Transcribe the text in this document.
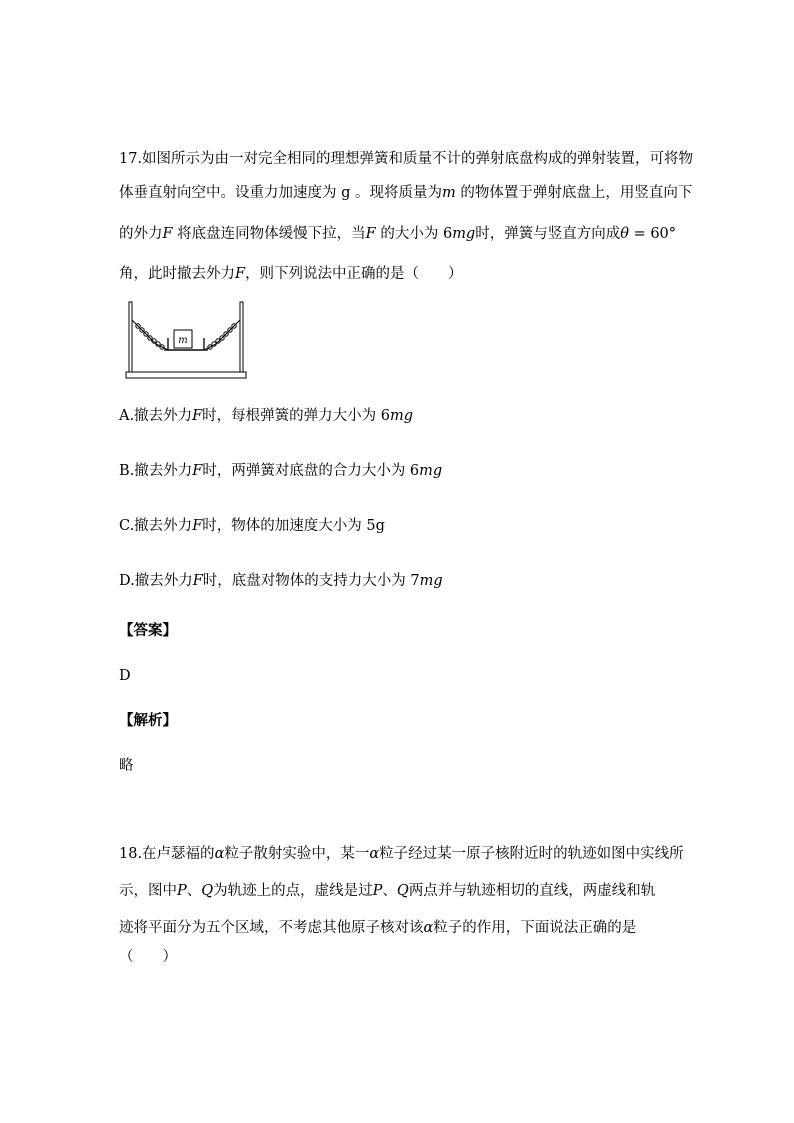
17.如图所示为由一对完全相同的理想弹簧和质量不计的弹射底盘构成的弹射装置，可将物
体垂直射向空中。设重力加速度为 g 。现将质量为m 的物体置于弹射底盘上，用竖直向下
的外力F 将底盘连同物体缓慢下拉，当F 的大小为 6mg时，弹簧与竖直方向成θ = 60°
角，此时撤去外力F，则下列说法中正确的是（　　）
m
A.撤去外力F时，每根弹簧的弹力大小为 6mg
B.撤去外力F时，两弹簧对底盘的合力大小为 6mg
C.撤去外力F时，物体的加速度大小为 5g
D.撤去外力F时，底盘对物体的支持力大小为 7mg
【答案】
D
【解析】
略
18.在卢瑟福的α粒子散射实验中，某一α粒子经过某一原子核附近时的轨迹如图中实线所
示，图中P、Q为轨迹上的点，虚线是过P、Q两点并与轨迹相切的直线，两虚线和轨
迹将平面分为五个区域，不考虑其他原子核对该α粒子的作用，下面说法正确的是
（　　）
